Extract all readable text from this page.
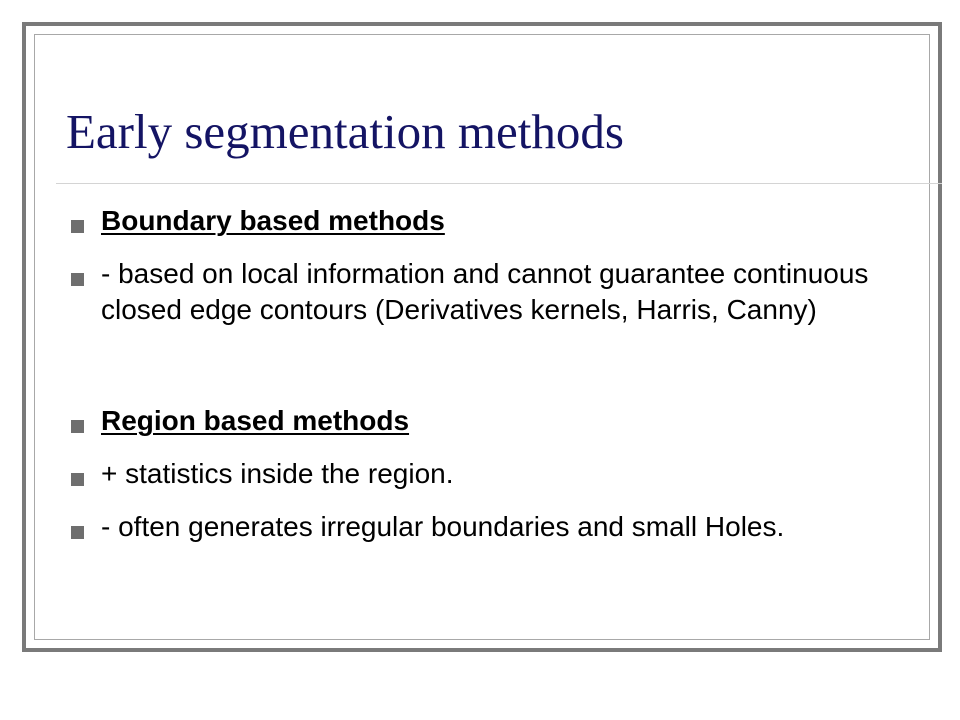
Early segmentation methods
Boundary based methods
- based on local information and cannot guarantee continuous closed edge contours (Derivatives kernels, Harris, Canny)
Region based methods
+ statistics inside the region.
- often generates irregular boundaries and small Holes.
